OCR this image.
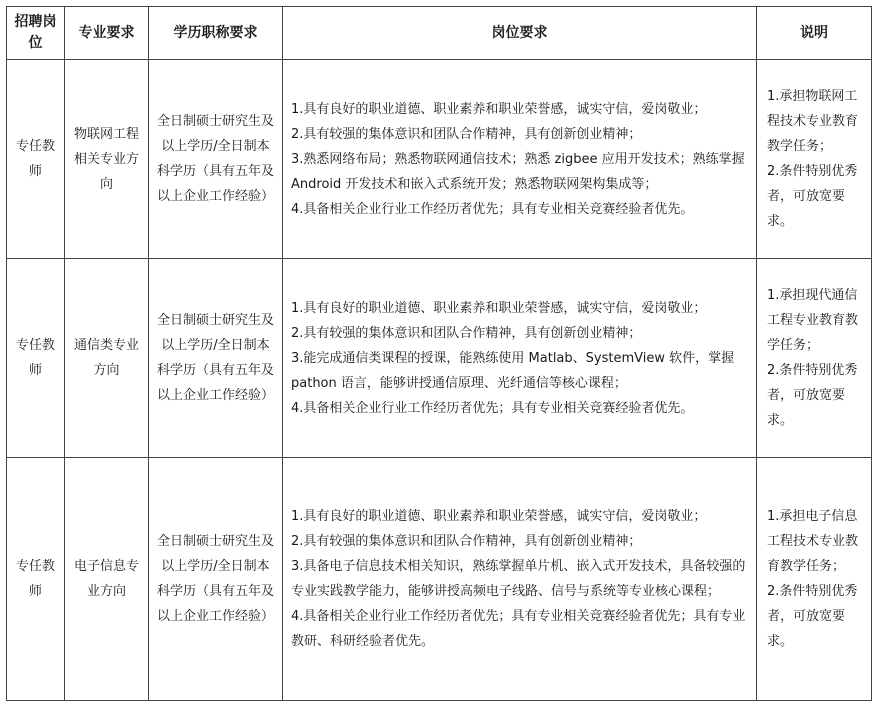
招聘岗位	专业要求	学历职称要求	岗位要求	说明
专任教师	物联网工程相关专业方向	全日制硕士研究生及以上学历/全日制本科学历（具有五年及以上企业工作经验）	1.具有良好的职业道德、职业素养和职业荣誉感，诚实守信，爱岗敬业；
2.具有较强的集体意识和团队合作精神，具有创新创业精神；
3.熟悉网络布局；熟悉物联网通信技术；熟悉 zigbee 应用开发技术；熟练掌握 Android 开发技术和嵌入式系统开发；熟悉物联网架构集成等；
4.具备相关企业行业工作经历者优先；具有专业相关竞赛经验者优先。	1.承担物联网工程技术专业教育教学任务；
2.条件特别优秀者，可放宽要求。

专任教师	通信类专业方向	全日制硕士研究生及以上学历/全日制本科学历（具有五年及以上企业工作经验）	1.具有良好的职业道德、职业素养和职业荣誉感，诚实守信，爱岗敬业；
2.具有较强的集体意识和团队合作精神，具有创新创业精神；
3.能完成通信类课程的授课，能熟练使用 Matlab、SystemView 软件，掌握 pathon 语言，能够讲授通信原理、光纤通信等核心课程；
4.具备相关企业行业工作经历者优先；具有专业相关竞赛经验者优先。	1.承担现代通信工程专业教育教学任务；
2.条件特别优秀者，可放宽要求。

专任教师	电子信息专业方向	全日制硕士研究生及以上学历/全日制本科学历（具有五年及以上企业工作经验）	1.具有良好的职业道德、职业素养和职业荣誉感，诚实守信，爱岗敬业；
2.具有较强的集体意识和团队合作精神，具有创新创业精神；
3.具备电子信息技术相关知识，熟练掌握单片机、嵌入式开发技术，具备较强的专业实践教学能力，能够讲授高频电子线路、信号与系统等专业核心课程；
4.具备相关企业行业工作经历者优先；具有专业相关竞赛经验者优先；具有专业教研、科研经验者优先。	1.承担电子信息工程技术专业教育教学任务；
2.条件特别优秀者，可放宽要求。
